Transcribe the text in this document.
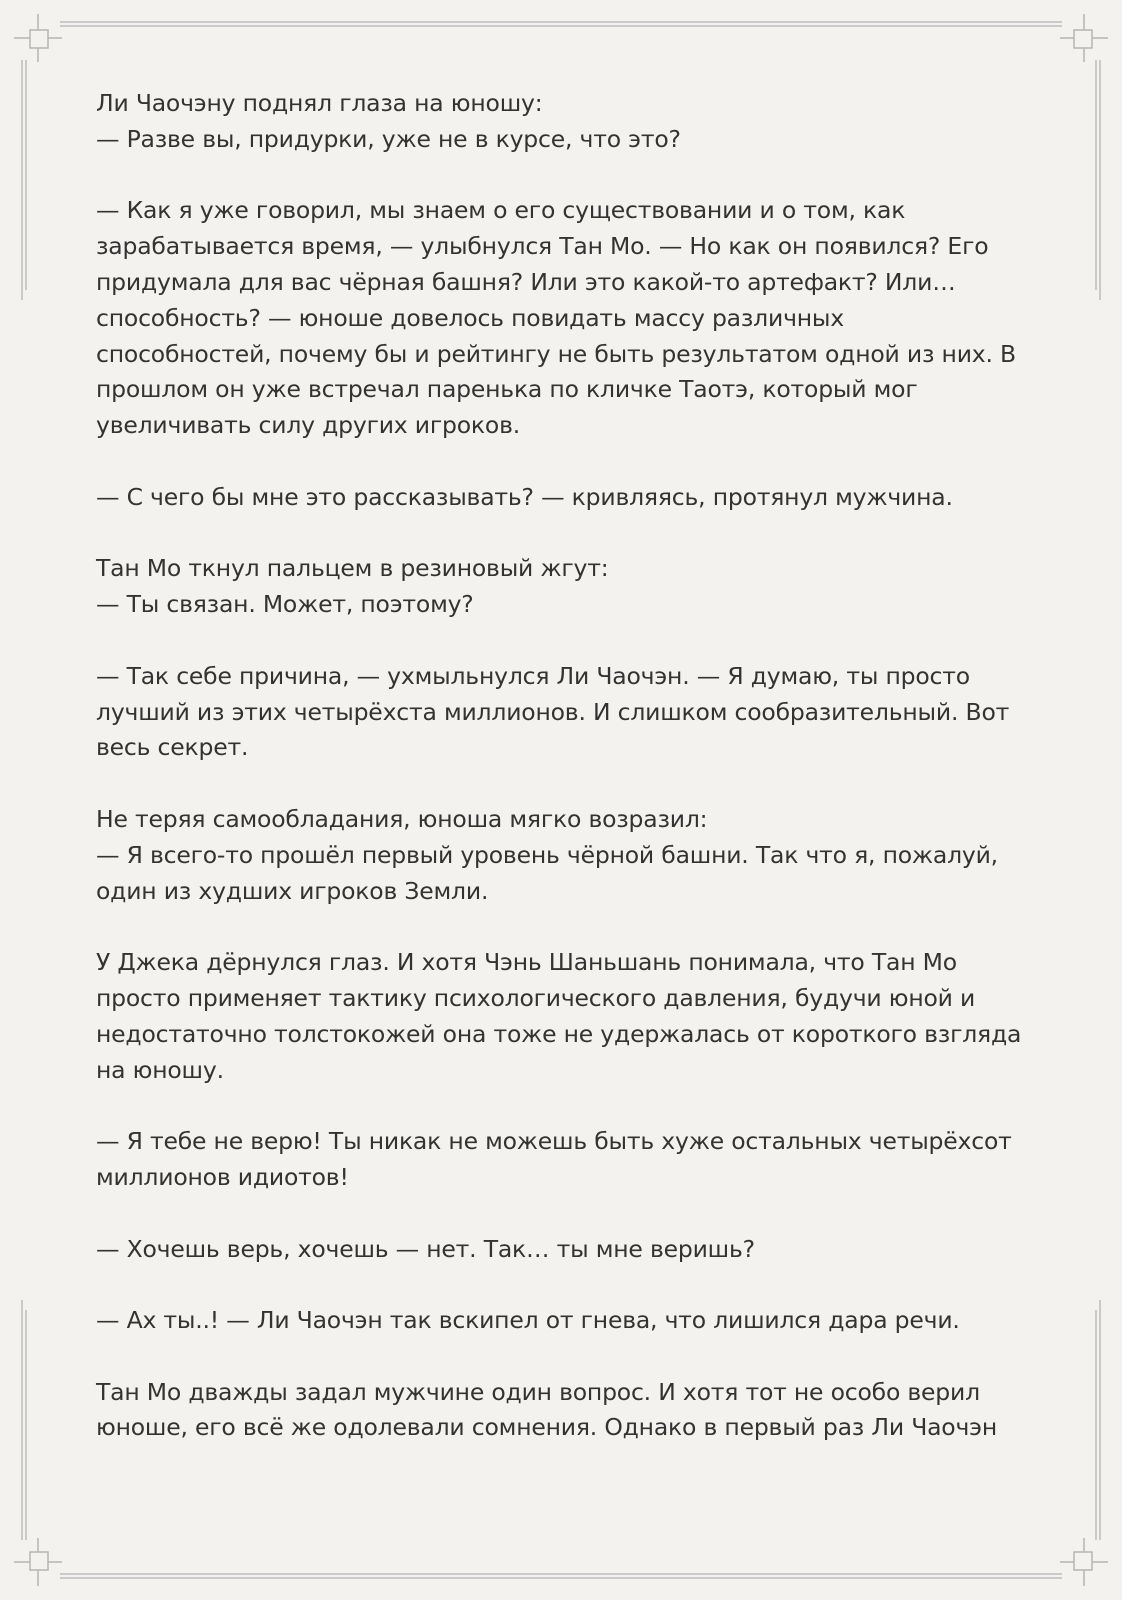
Ли Чаочэну поднял глаза на юношу:
— Разве вы, придурки, уже не в курсе, что это?
— Как я уже говорил, мы знаем о его существовании и о том, как
зарабатывается время, — улыбнулся Тан Мо. — Но как он появился? Его
придумала для вас чёрная башня? Или это какой-то артефакт? Или…
способность? — юноше довелось повидать массу различных
способностей, почему бы и рейтингу не быть результатом одной из них. В
прошлом он уже встречал паренька по кличке Таотэ, который мог
увеличивать силу других игроков.
— С чего бы мне это рассказывать? — кривляясь, протянул мужчина.
Тан Мо ткнул пальцем в резиновый жгут:
— Ты связан. Может, поэтому?
— Так себе причина, — ухмыльнулся Ли Чаочэн. — Я думаю, ты просто
лучший из этих четырёхста миллионов. И слишком сообразительный. Вот
весь секрет.
Не теряя самообладания, юноша мягко возразил:
— Я всего-то прошёл первый уровень чёрной башни. Так что я, пожалуй,
один из худших игроков Земли.
У Джека дёрнулся глаз. И хотя Чэнь Шаньшань понимала, что Тан Мо
просто применяет тактику психологического давления, будучи юной и
недостаточно толстокожей она тоже не удержалась от короткого взгляда
на юношу.
— Я тебе не верю! Ты никак не можешь быть хуже остальных четырёхсот
миллионов идиотов!
— Хочешь верь, хочешь — нет. Так… ты мне веришь?
— Ах ты..! — Ли Чаочэн так вскипел от гнева, что лишился дара речи.
Тан Мо дважды задал мужчине один вопрос. И хотя тот не особо верил
юноше, его всё же одолевали сомнения. Однако в первый раз Ли Чаочэн
